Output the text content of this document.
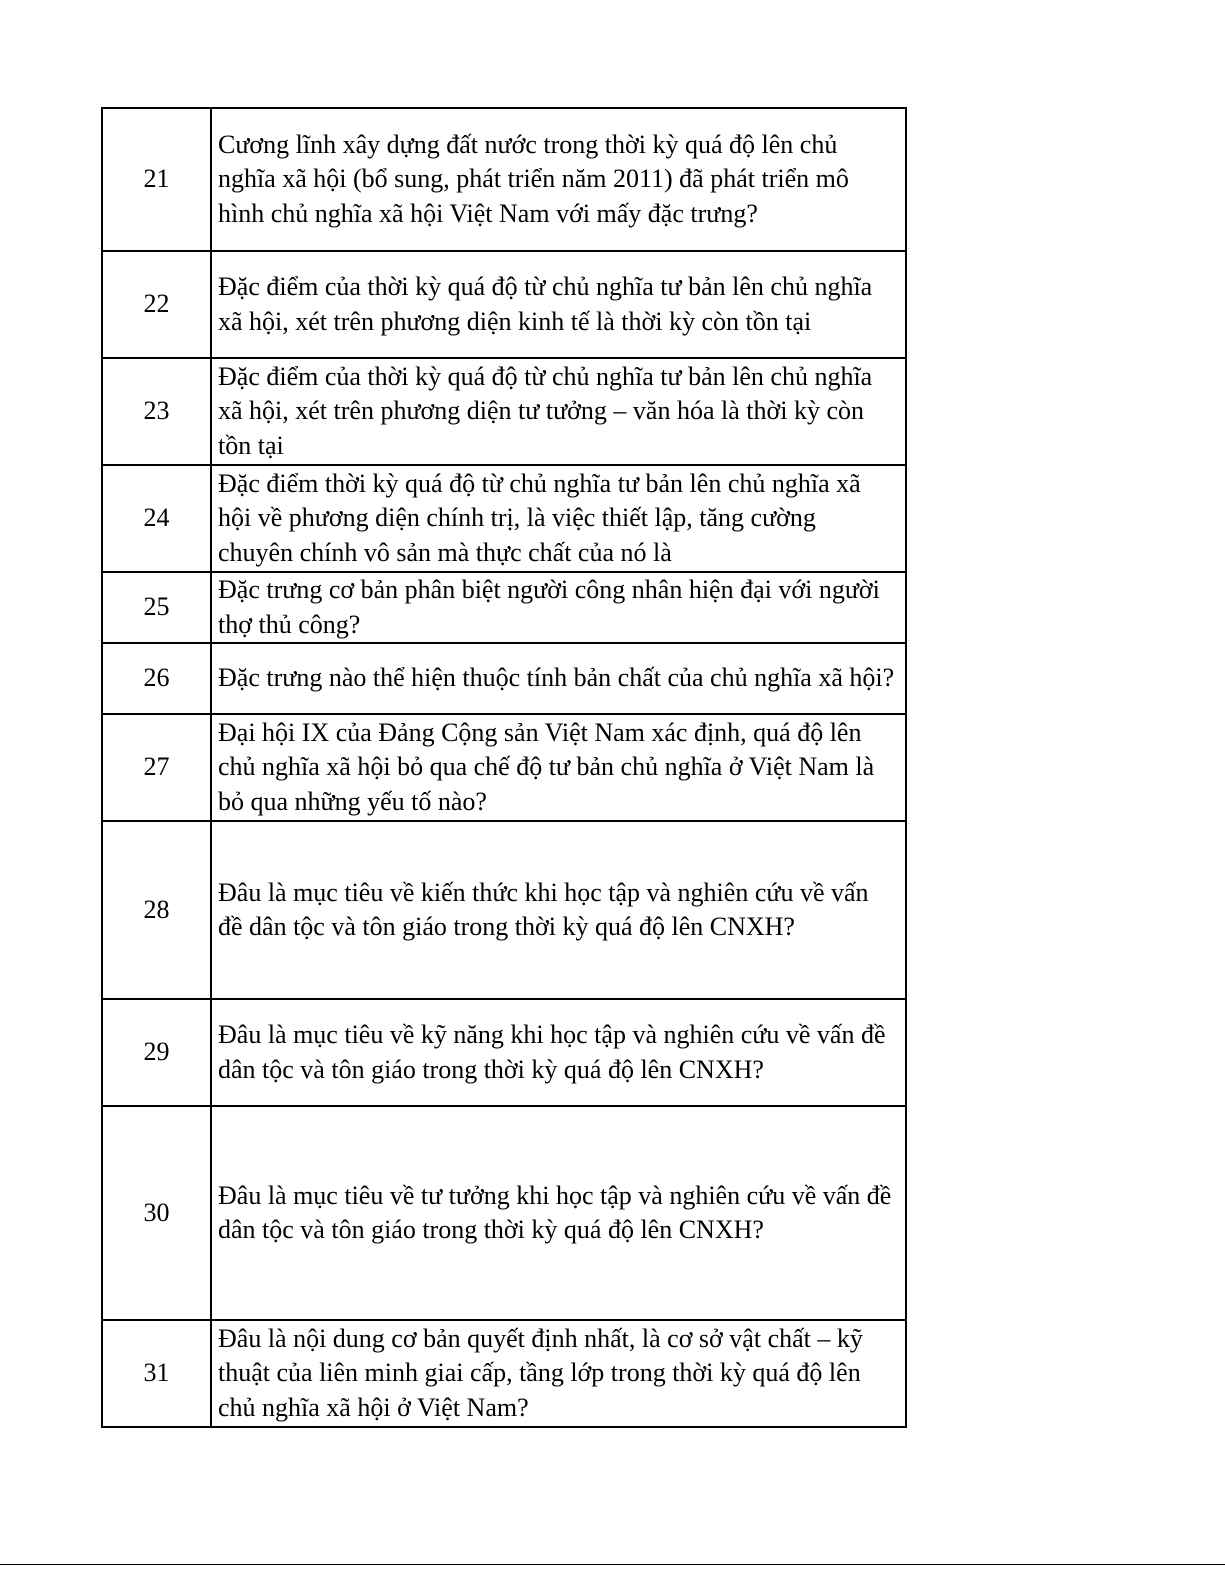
21	Cương lĩnh xây dựng đất nước trong thời kỳ quá độ lên chủ nghĩa xã hội (bổ sung, phát triển năm 2011) đã phát triển mô hình chủ nghĩa xã hội Việt Nam với mấy đặc trưng?
22	Đặc điểm của thời kỳ quá độ từ chủ nghĩa tư bản lên chủ nghĩa xã hội, xét trên phương diện kinh tế là thời kỳ còn tồn tại
23	Đặc điểm của thời kỳ quá độ từ chủ nghĩa tư bản lên chủ nghĩa xã hội, xét trên phương diện tư tưởng – văn hóa là thời kỳ còn tồn tại
24	Đặc điểm thời kỳ quá độ từ chủ nghĩa tư bản lên chủ nghĩa xã hội về phương diện chính trị, là việc thiết lập, tăng cường chuyên chính vô sản mà thực chất của nó là
25	Đặc trưng cơ bản phân biệt người công nhân hiện đại với người thợ thủ công?
26	Đặc trưng nào thể hiện thuộc tính bản chất của chủ nghĩa xã hội?
27	Đại hội IX của Đảng Cộng sản Việt Nam xác định, quá độ lên chủ nghĩa xã hội bỏ qua chế độ tư bản chủ nghĩa ở Việt Nam là bỏ qua những yếu tố nào?
28	Đâu là mục tiêu về kiến thức khi học tập và nghiên cứu về vấn đề dân tộc và tôn giáo trong thời kỳ quá độ lên CNXH?
29	Đâu là mục tiêu về kỹ năng khi học tập và nghiên cứu về vấn đề dân tộc và tôn giáo trong thời kỳ quá độ lên CNXH?
30	Đâu là mục tiêu về tư tưởng khi học tập và nghiên cứu về vấn đề dân tộc và tôn giáo trong thời kỳ quá độ lên CNXH?
31	Đâu là nội dung cơ bản quyết định nhất, là cơ sở vật chất – kỹ thuật của liên minh giai cấp, tầng lớp trong thời kỳ quá độ lên chủ nghĩa xã hội ở Việt Nam?
